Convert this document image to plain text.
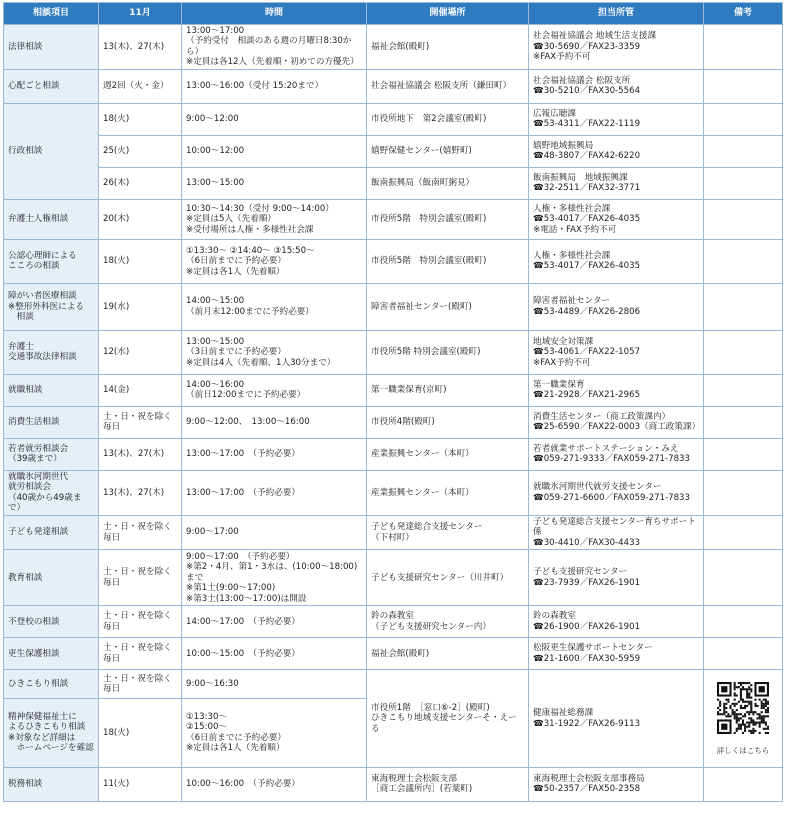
相談項目	11月	時間	開催場所	担当所管	備考
法律相談	13(木)、27(木)	13:00～17:00
（予約受付　相談のある週の月曜日8:30から）
※定員は各12人（先着順・初めての方優先）	福祉会館(殿町)	社会福祉協議会 地域生活支援課
☎30-5690／FAX23-3359
※FAX予約不可	
心配ごと相談	週2回（火・金）	13:00～16:00（受付 15:20まで）	社会福祉協議会 松阪支所（鎌田町）	社会福祉協議会 松阪支所
☎30-5210／FAX30-5564	
行政相談	18(火)	9:00～12:00	市役所地下　第2会議室(殿町)	広報広聴課
☎53-4311／FAX22-1119	
	25(火)	10:00～12:00	嬉野保健センター(嬉野町)	嬉野地域振興局
☎48-3807／FAX42-6220	
	26(木)	13:00～15:00	飯南振興局（飯南町粥見）	飯南振興局　地域振興課
☎32-2511／FAX32-3771	
弁護士人権相談	20(木)	10:30～14:30（受付 9:00～14:00）
※定員は5人（先着順）
※受付場所は人権・多様性社会課	市役所5階　特別会議室(殿町)	人権・多様性社会課
☎53-4017／FAX26-4035
※電話・FAX予約不可	
公認心理師による
こころの相談	18(火)	①13:30～ ②14:40～ ③15:50～
（6日前までに予約必要）
※定員は各1人（先着順）	市役所5階　特別会議室(殿町)	人権・多様性社会課
☎53-4017／FAX26-4035	
障がい者医療相談
※整形外科医による
　相談	19(水)	14:00～15:00
（前月末12:00までに予約必要）	障害者福祉センター(殿町)	障害者福祉センター
☎53-4489／FAX26-2806	
弁護士
交通事故法律相談	12(水)	13:00～15:00
（3日前までに予約必要）
※定員は4人（先着順、1人30分まで）	市役所5階 特別会議室(殿町)	地域安全対策課
☎53-4061／FAX22-1057
※FAX予約不可	
就職相談	14(金)	14:00～16:00
（前日12:00までに予約必要）	第一職業保育(京町)	第一職業保育
☎21-2928／FAX21-2965	
消費生活相談	土・日・祝を除く毎日	9:00～12:00、　13:00～16:00	市役所4階(殿町)	消費生活センター（商工政策課内）
☎25-6590／FAX22-0003（商工政策課）	
若者就労相談会
（39歳まで）	13(木)、27(木)	13:00～17:00　（予約必要）	産業振興センター（本町）	若者就業サポートステーション・みえ
☎059-271-9333／FAX059-271-7833	
就職氷河期世代
就労相談会
（40歳から49歳まで）	13(木)、27(木)	13:00～17:00　（予約必要）	産業振興センター（本町）	就職氷河期世代就労支援センター
☎059-271-6600／FAX059-271-7833	
子ども発達相談	土・日・祝を除く毎日	9:00～17:00	子ども発達総合支援センター
（下村町）	子ども発達総合支援センター育ちサポート係
☎30-4410／FAX30-4433	
教育相談	土・日・祝を除く毎日	9:00～17:00　（予約必要）
※第2・4月、第1・3水は、(10:00～18:00)まで
※第1土(9:00～17:00)
※第3土(13:00～17:00)は開設	子ども支援研究センター（川井町）	子ども支援研究センター
☎23-7939／FAX26-1901	
不登校の相談	土・日・祝を除く毎日	14:00～17:00　（予約必要）	鈴の森教室
（子ども支援研究センター内）	鈴の森教室
☎26-1900／FAX26-1901	
更生保護相談	土・日・祝を除く毎日	10:00～15:00　（予約必要）	福祉会館(殿町)	松阪更生保護サポートセンター
☎21-1600／FAX30-5959	
ひきこもり相談	土・日・祝を除く毎日	9:00～16:30	市役所1階　［窓口⑥-2］(殿町)
ひきこもり地域支援センターそ・えーる	健康福祉総務課
☎31-1922／FAX26-9113	詳しくはこちら

精神保健福祉士に
よるひきこもり相談
※対象など詳細は
　ホームページを確認	18(火)	①13:30～
②15:00～
（6日前までに予約必要）
※定員は各1人（先着順）			
税務相談	11(火)	10:00～16:00　（予約必要）	東海税理士会松阪支部
［商工会議所内］(若葉町)	東海税理士会松阪支部事務局
☎50-2357／FAX50-2358	
